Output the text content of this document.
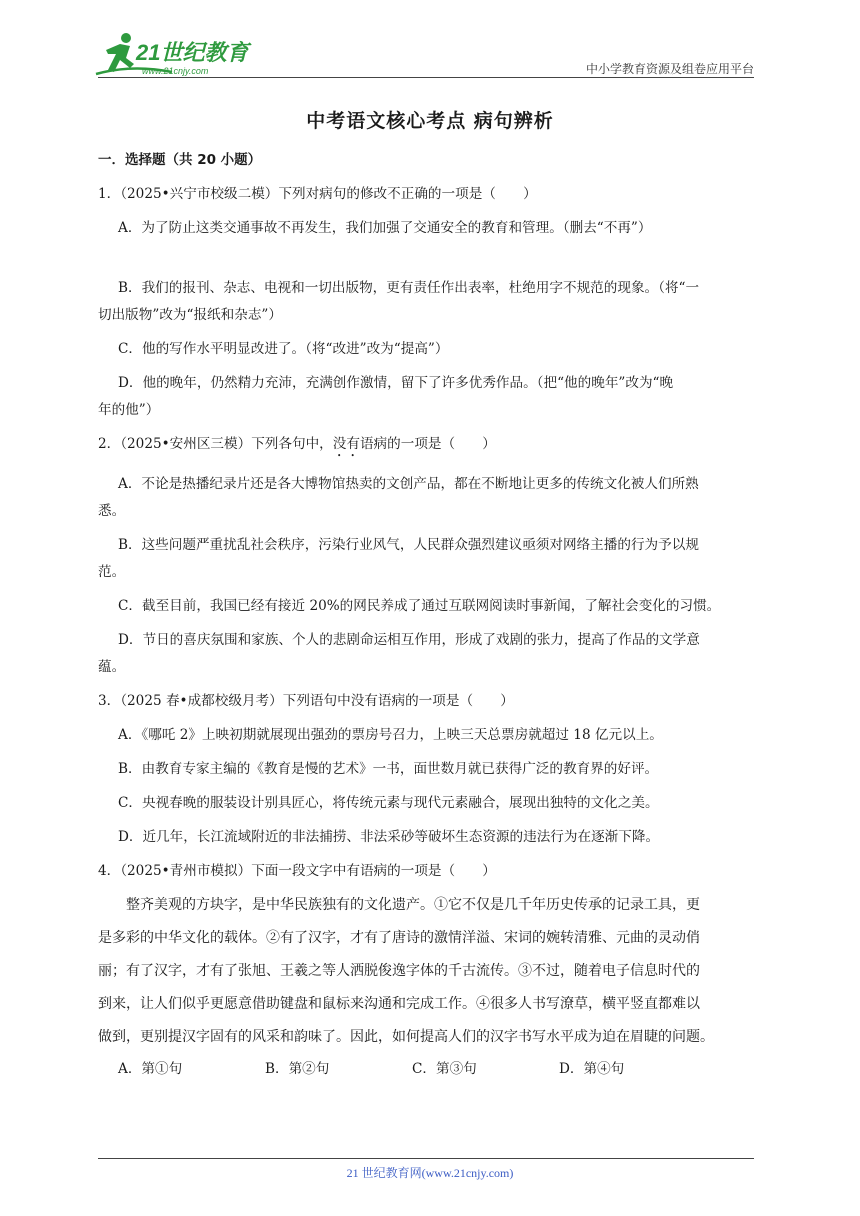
21世纪教育
www.21cnjy.com	中小学教育资源及组卷应用平台
中考语文核心考点 病句辨析

一．选择题（共 20 小题）

1．（2025•兴宁市校级二模）下列对病句的修改不正确的一项是（　　）

A．为了防止这类交通事故不再发生，我们加强了交通安全的教育和管理。（删去“不再”）

B．我们的报刊、杂志、电视和一切出版物，更有责任作出表率，杜绝用字不规范的现象。（将“一

切出版物”改为“报纸和杂志”）

C．他的写作水平明显改进了。（将“改进”改为“提高”）

D．他的晚年，仍然精力充沛，充满创作激情，留下了许多优秀作品。（把“他的晚年”改为“晚

年的他”）

2．（2025•安州区三模）下列各句中，没有语病的一项是（　　）

A．不论是热播纪录片还是各大博物馆热卖的文创产品，都在不断地让更多的传统文化被人们所熟

悉。

B．这些问题严重扰乱社会秩序，污染行业风气，人民群众强烈建议亟须对网络主播的行为予以规

范。

C．截至目前，我国已经有接近 20%的网民养成了通过互联网阅读时事新闻，了解社会变化的习惯。

D．节日的喜庆氛围和家族、个人的悲剧命运相互作用，形成了戏剧的张力，提高了作品的文学意

蕴。

3．（2025 春•成都校级月考）下列语句中没有语病的一项是（　　）

A．《哪吒 2》上映初期就展现出强劲的票房号召力，上映三天总票房就超过 18 亿元以上。

B．由教育专家主编的《教育是慢的艺术》一书，面世数月就已获得广泛的教育界的好评。

C．央视春晚的服装设计别具匠心，将传统元素与现代元素融合，展现出独特的文化之美。

D．近几年，长江流域附近的非法捕捞、非法采砂等破坏生态资源的违法行为在逐渐下降。

4．（2025•青州市模拟）下面一段文字中有语病的一项是（　　）

整齐美观的方块字，是中华民族独有的文化遗产。①它不仅是几千年历史传承的记录工具，更
是多彩的中华文化的载体。②有了汉字，才有了唐诗的激情洋溢、宋词的婉转清雅、元曲的灵动俏
丽；有了汉字，才有了张旭、王羲之等人洒脱俊逸字体的千古流传。③不过，随着电子信息时代的
到来，让人们似乎更愿意借助键盘和鼠标来沟通和完成工作。④很多人书写潦草，横平竖直都难以
做到，更别提汉字固有的风采和韵味了。因此，如何提高人们的汉字书写水平成为迫在眉睫的问题。
A．第①句	B．第②句	C．第③句	D．第④句
21 世纪教育网(www.21cnjy.com)
